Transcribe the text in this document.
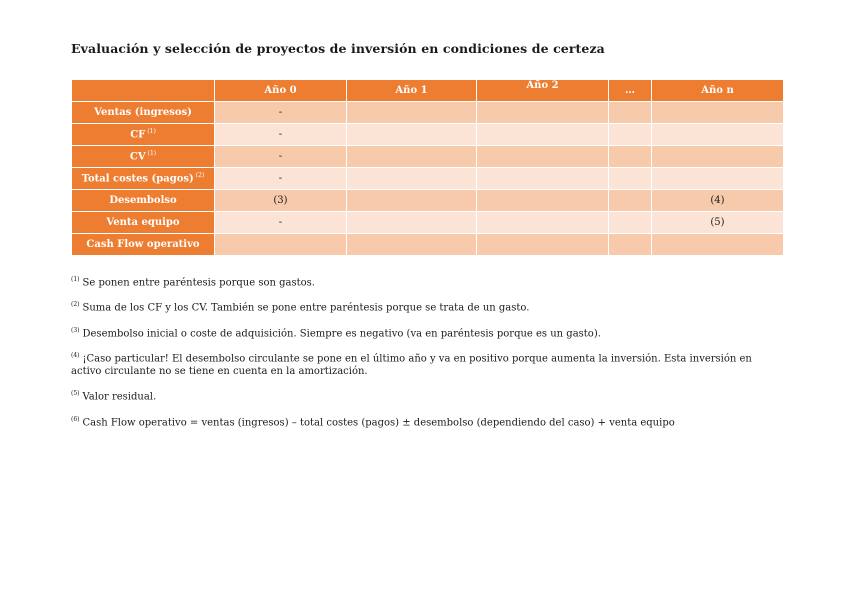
Evaluación y selección de proyectos de inversión en condiciones de certeza
	Año 0	Año 1	Año 2	…	Año n
Ventas (ingresos)	-				
CF $^{(1)}$	-				
CV $^{(1)}$	-				
Total costes (pagos) $^{(2)}$	-				
Desembolso	(3)				(4)
Venta equipo	-				(5)
Cash Flow operativo					

$^{(1)}$ Se ponen entre paréntesis porque son gastos.

$^{(2)}$ Suma de los CF y los CV. También se pone entre paréntesis porque se trata de un gasto.

$^{(3)}$ Desembolso inicial o coste de adquisición. Siempre es negativo (va en paréntesis porque es un gasto).

$^{(4)}$ ¡Caso particular! El desembolso circulante se pone en el último año y va en positivo porque aumenta la inversión. Esta inversión en activo circulante no se tiene en cuenta en la amortización.

$^{(5)}$ Valor residual.

$^{(6)}$ Cash Flow operativo = ventas (ingresos) – total costes (pagos) ± desembolso (dependiendo del caso) + venta equipo
